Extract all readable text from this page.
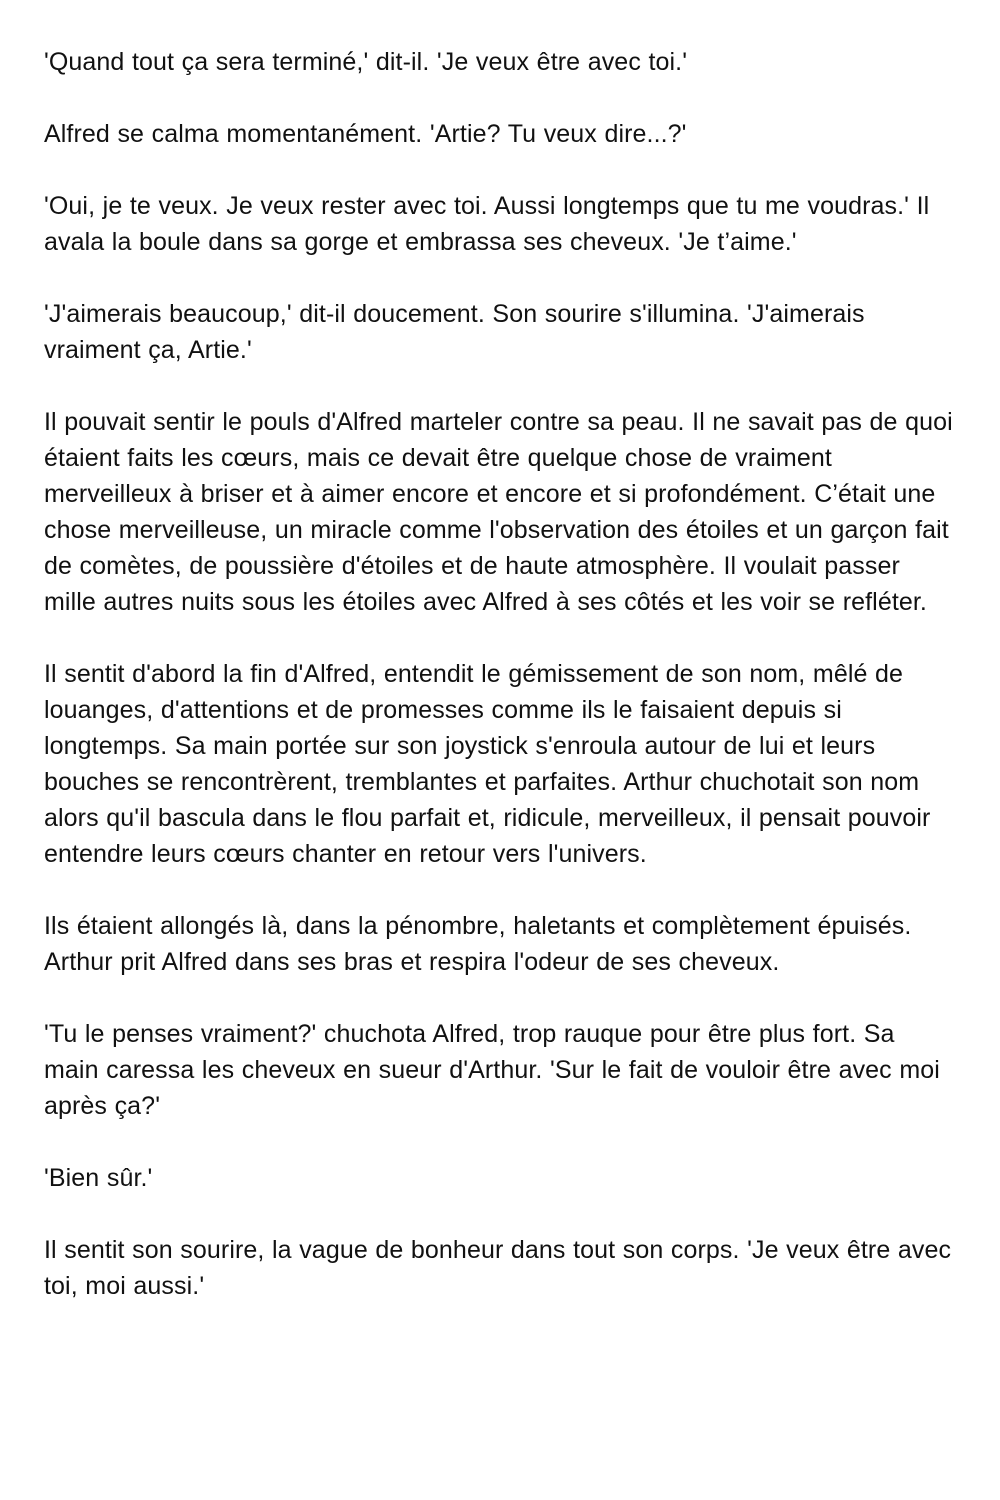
'Quand tout ça sera terminé,' dit-il. 'Je veux être avec toi.'

Alfred se calma momentanément. 'Artie? Tu veux dire...?'

'Oui, je te veux. Je veux rester avec toi. Aussi longtemps que tu me voudras.' Il avala la boule dans sa gorge et embrassa ses cheveux. 'Je t’aime.'

'J'aimerais beaucoup,' dit-il doucement. Son sourire s'illumina. 'J'aimerais vraiment ça, Artie.'

Il pouvait sentir le pouls d'Alfred marteler contre sa peau. Il ne savait pas de quoi étaient faits les cœurs, mais ce devait être quelque chose de vraiment merveilleux à briser et à aimer encore et encore et si profondément. C’était une chose merveilleuse, un miracle comme l'observation des étoiles et un garçon fait de comètes, de poussière d'étoiles et de haute atmosphère. Il voulait passer mille autres nuits sous les étoiles avec Alfred à ses côtés et les voir se refléter.

Il sentit d'abord la fin d'Alfred, entendit le gémissement de son nom, mêlé de louanges, d'attentions et de promesses comme ils le faisaient depuis si longtemps. Sa main portée sur son joystick s'enroula autour de lui et leurs bouches se rencontrèrent, tremblantes et parfaites. Arthur chuchotait son nom alors qu'il bascula dans le flou parfait et, ridicule, merveilleux, il pensait pouvoir entendre leurs cœurs chanter en retour vers l'univers.

Ils étaient allongés là, dans la pénombre, haletants et complètement épuisés. Arthur prit Alfred dans ses bras et respira l'odeur de ses cheveux.

'Tu le penses vraiment?' chuchota Alfred, trop rauque pour être plus fort. Sa main caressa les cheveux en sueur d'Arthur. 'Sur le fait de vouloir être avec moi après ça?'

'Bien sûr.'

Il sentit son sourire, la vague de bonheur dans tout son corps. 'Je veux être avec toi, moi aussi.'
